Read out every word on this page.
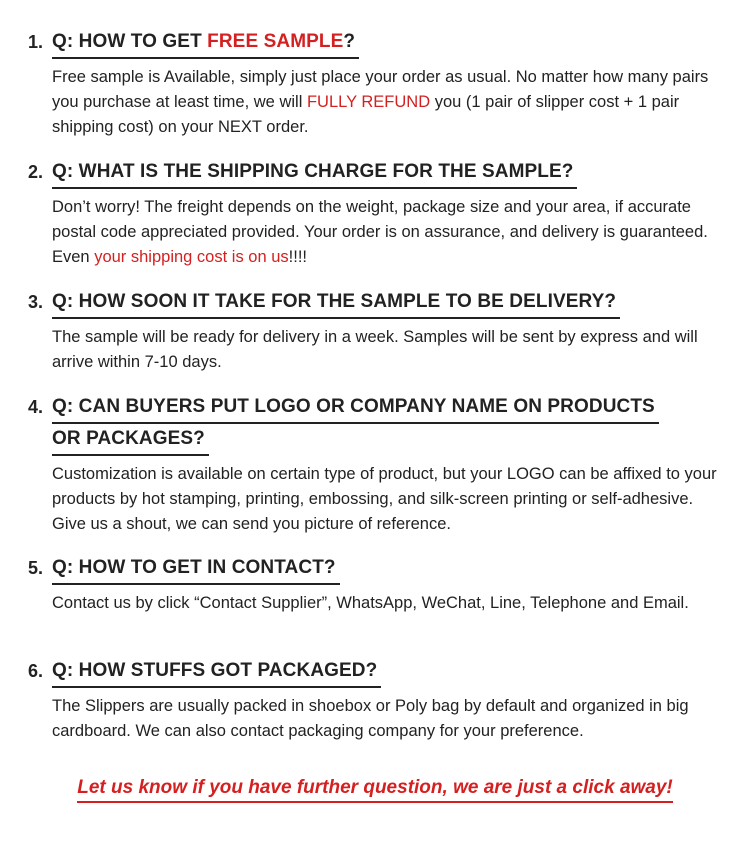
1. Q: HOW TO GET FREE SAMPLE?
Free sample is Available, simply just place your order as usual. No matter how many pairs you purchase at least time, we will FULLY REFUND you (1 pair of slipper cost + 1 pair shipping cost) on your NEXT order.
2. Q: WHAT IS THE SHIPPING CHARGE FOR THE SAMPLE?
Don’t worry! The freight depends on the weight, package size and your area, if accurate postal code appreciated provided. Your order is on assurance, and delivery is guaranteed. Even your shipping cost is on us!!!!
3. Q: HOW SOON IT TAKE FOR THE SAMPLE TO BE DELIVERY?
The sample will be ready for delivery in a week. Samples will be sent by express and will arrive within 7-10 days.
4. Q: CAN BUYERS PUT LOGO OR COMPANY NAME ON PRODUCTS
OR PACKAGES?
Customization is available on certain type of product, but your LOGO can be affixed to your products by hot stamping, printing, embossing, and silk-screen printing or self-adhesive. Give us a shout, we can send you picture of reference.
5. Q: HOW TO GET IN CONTACT?
Contact us by click “Contact Supplier”, WhatsApp, WeChat, Line, Telephone and Email.
6. Q: HOW STUFFS GOT PACKAGED?
The Slippers are usually packed in shoebox or Poly bag by default and organized in big cardboard. We can also contact packaging company for your preference.
Let us know if you have further question, we are just a click away!
